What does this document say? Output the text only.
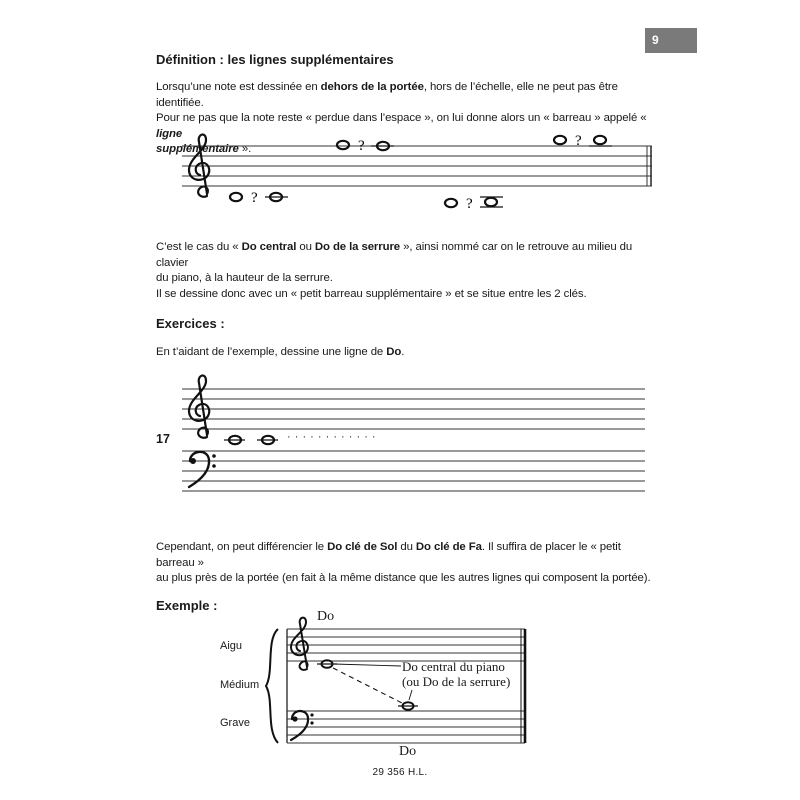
9
Définition : les lignes supplémentaires
Lorsqu’une note est dessinée en dehors de la portée, hors de l’échelle, elle ne peut pas être identifiée.
Pour ne pas que la note reste « perdue dans l’espace », on lui donne alors un « barreau » appelé « ligne
supplémentaire ».
?
?
?
?
C’est le cas du « Do central ou Do de la serrure », ainsi nommé car on le retrouve au milieu du clavier
du piano, à la hauteur de la serrure.
Il se dessine donc avec un « petit barreau supplémentaire » et se situe entre les 2 clés.
Exercices :
En t’aidant de l’exemple, dessine une ligne de Do.
17	· · · · · · · · · · · ·
Cependant, on peut différencier le Do clé de Sol du Do clé de Fa. Il suffira de placer le « petit barreau »
au plus près de la portée (en fait à la même distance que les autres lignes qui composent la portée).
Exemple :
Aigu
Médium
Grave
Do
Do
Do central du piano
(ou Do de la serrure)
29 356 H.L.
